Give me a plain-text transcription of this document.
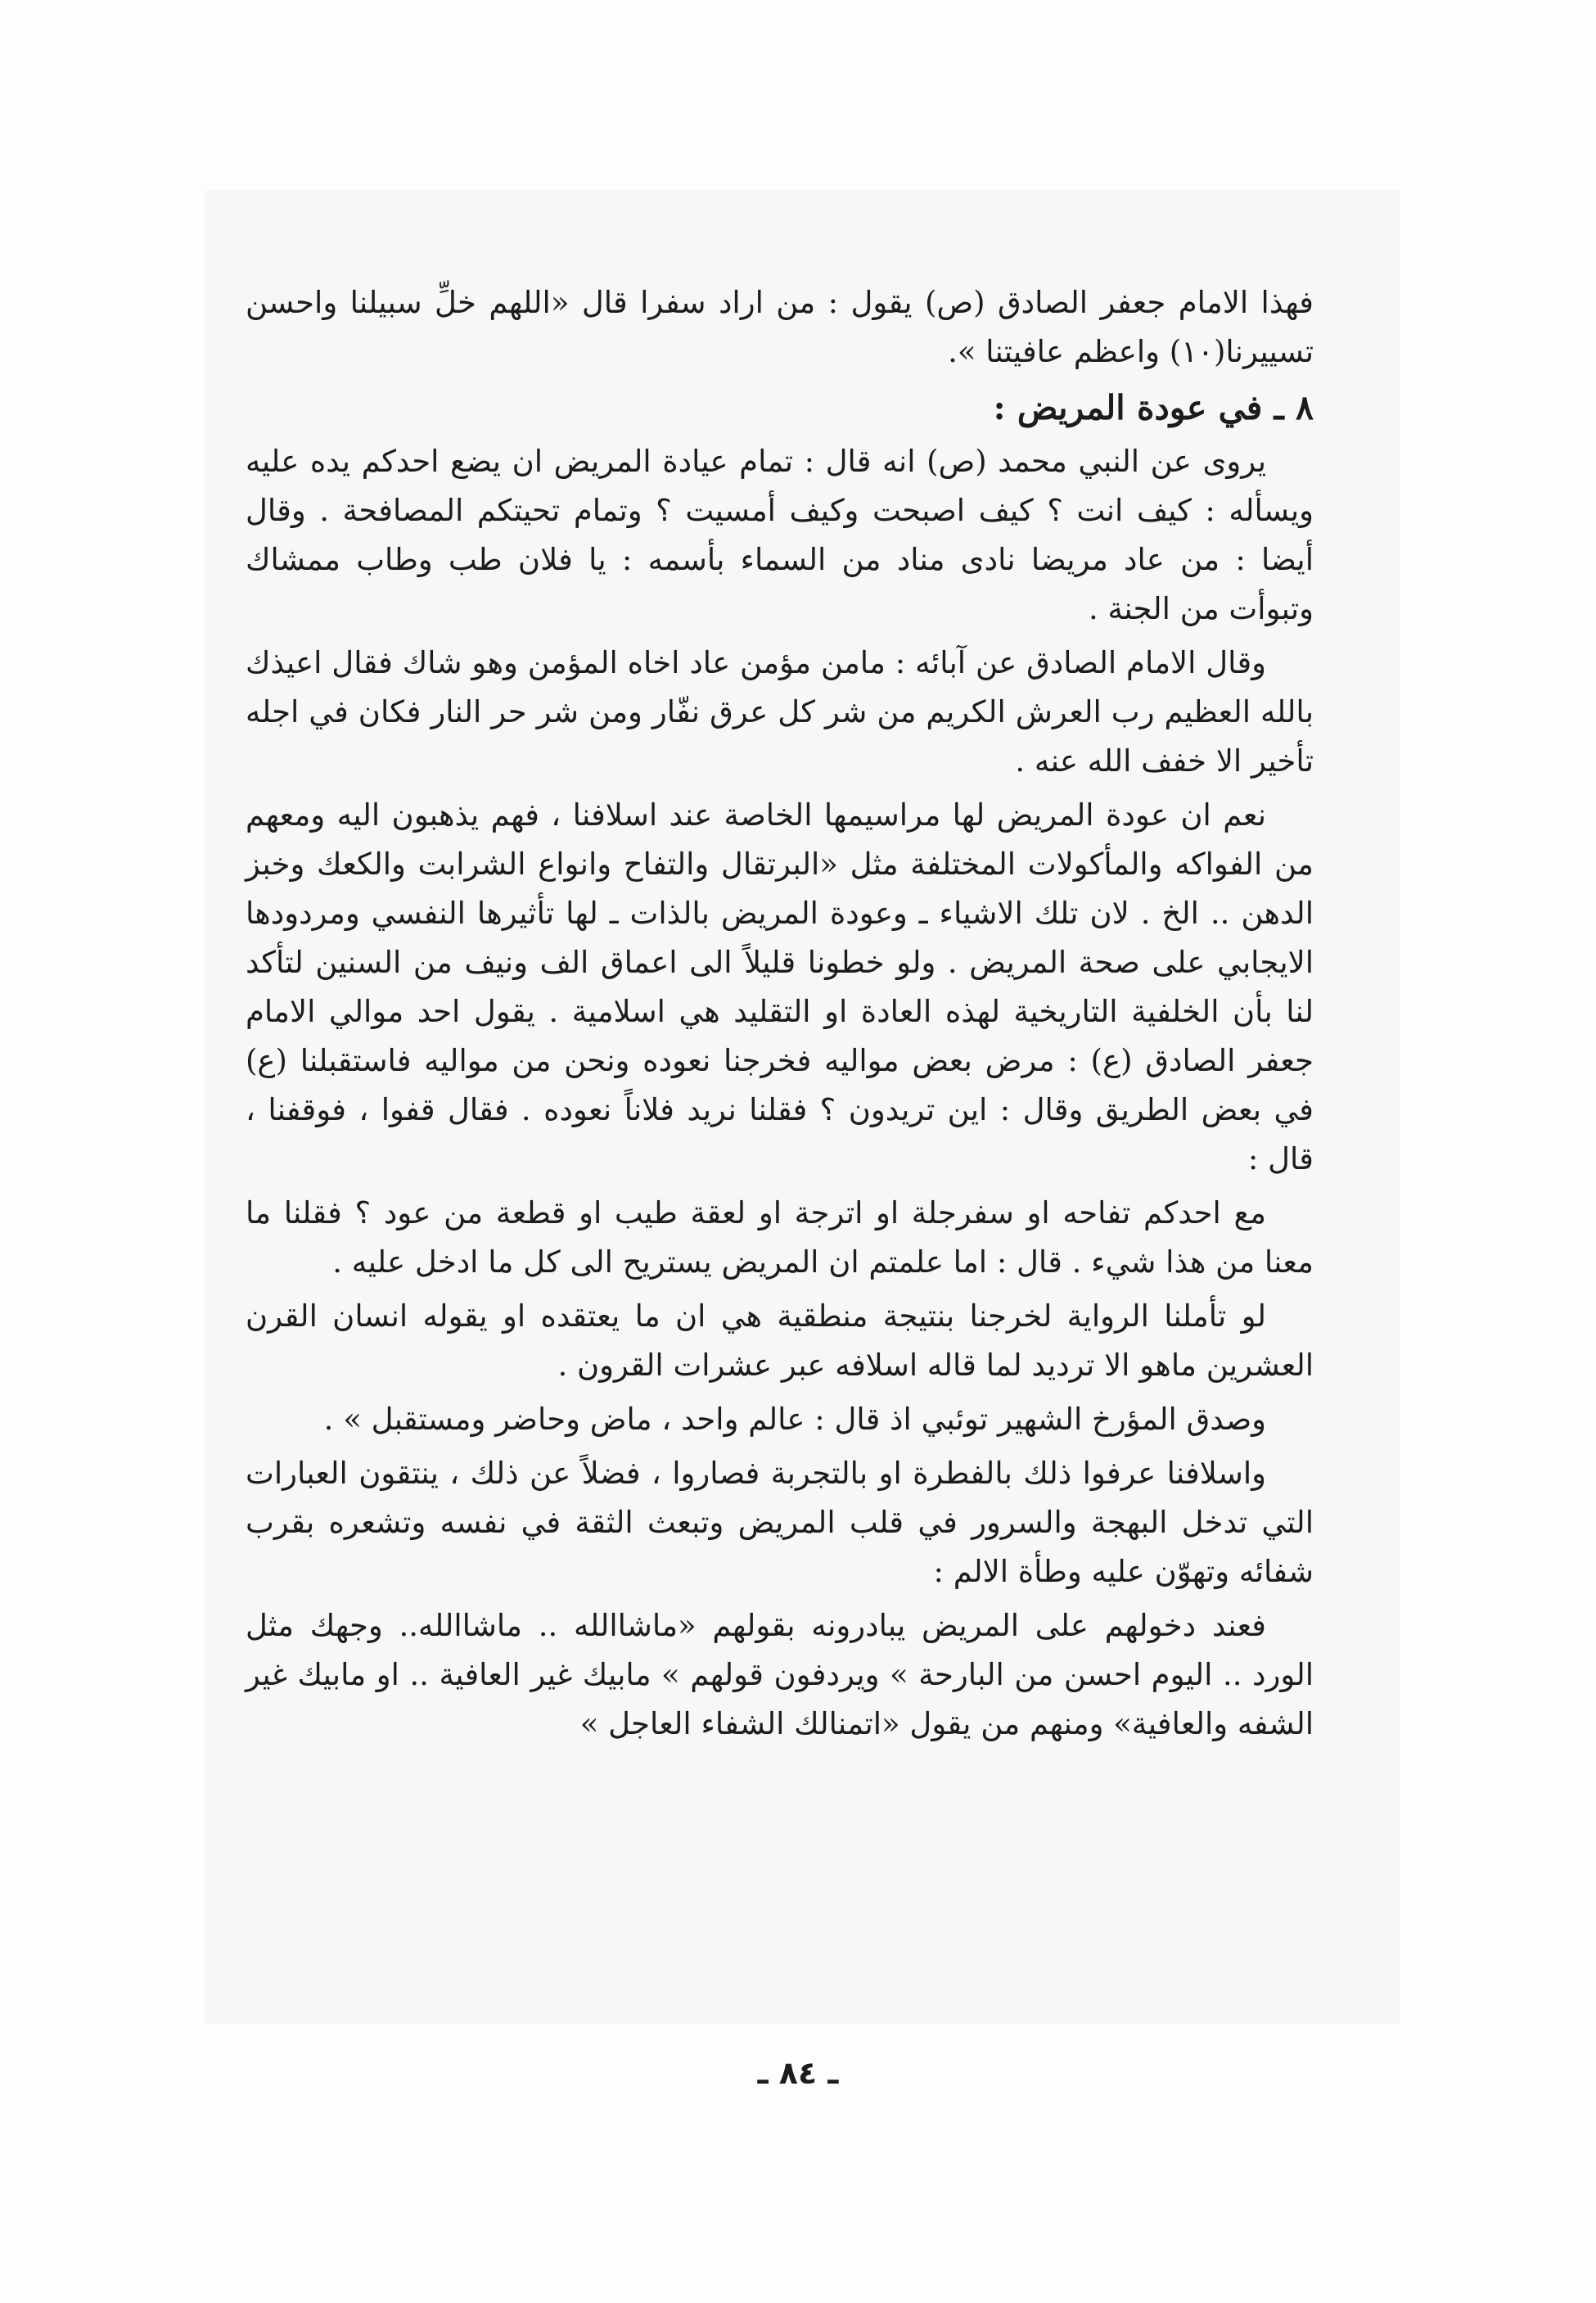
فهذا الامام جعفر الصادق (ص) يقول : من اراد سفرا قال «اللهم خلِّ سبيلنا واحسن تسييرنا(١٠) واعظم عافيتنا ».

٨ ـ في عودة المريض :

يروى عن النبي محمد (ص) انه قال : تمام عيادة المريض ان يضع احدكم يده عليه ويسأله : كيف انت ؟ كيف اصبحت وكيف أمسيت ؟ وتمام تحيتكم المصافحة . وقال أيضا : من عاد مريضا نادى مناد من السماء بأسمه : يا فلان طب وطاب ممشاك وتبوأت من الجنة .

وقال الامام الصادق عن آبائه : مامن مؤمن عاد اخاه المؤمن وهو شاك فقال اعيذك بالله العظيم رب العرش الكريم من شر كل عرق نفّار ومن شر حر النار فكان في اجله تأخير الا خفف الله عنه .

نعم ان عودة المريض لها مراسيمها الخاصة عند اسلافنا ، فهم يذهبون اليه ومعهم من الفواكه والمأكولات المختلفة مثل «البرتقال والتفاح وانواع الشرابت والكعك وخبز الدهن .. الخ . لان تلك الاشياء ـ وعودة المريض بالذات ـ لها تأثيرها النفسي ومردودها الايجابي على صحة المريض . ولو خطونا قليلاً الى اعماق الف ونيف من السنين لتأكد لنا بأن الخلفية التاريخية لهذه العادة او التقليد هي اسلامية . يقول احد موالي الامام جعفر الصادق (ع) : مرض بعض مواليه فخرجنا نعوده ونحن من مواليه فاستقبلنا (ع) في بعض الطريق وقال : اين تريدون ؟ فقلنا نريد فلاناً نعوده . فقال قفوا ، فوقفنا ، قال :

مع احدكم تفاحه او سفرجلة او اترجة او لعقة طيب او قطعة من عود ؟ فقلنا ما معنا من هذا شيء . قال : اما علمتم ان المريض يستريح الى كل ما ادخل عليه .

لو تأملنا الرواية لخرجنا بنتيجة منطقية هي ان ما يعتقده او يقوله انسان القرن العشرين ماهو الا ترديد لما قاله اسلافه عبر عشرات القرون .

وصدق المؤرخ الشهير توئبي اذ قال : عالم واحد ، ماض وحاضر ومستقبل » .

واسلافنا عرفوا ذلك بالفطرة او بالتجربة فصاروا ، فضلاً عن ذلك ، ينتقون العبارات التي تدخل البهجة والسرور في قلب المريض وتبعث الثقة في نفسه وتشعره بقرب شفائه وتهوّن عليه وطأة الالم :

فعند دخولهم على المريض يبادرونه بقولهم «ماشاالله .. ماشاالله.. وجهك مثل الورد .. اليوم احسن من البارحة » ويردفون قولهم » مابيك غير العافية .. او مابيك غير الشفه والعافية» ومنهم من يقول «اتمنالك الشفاء العاجل »

ـ ٨٤ ـ
